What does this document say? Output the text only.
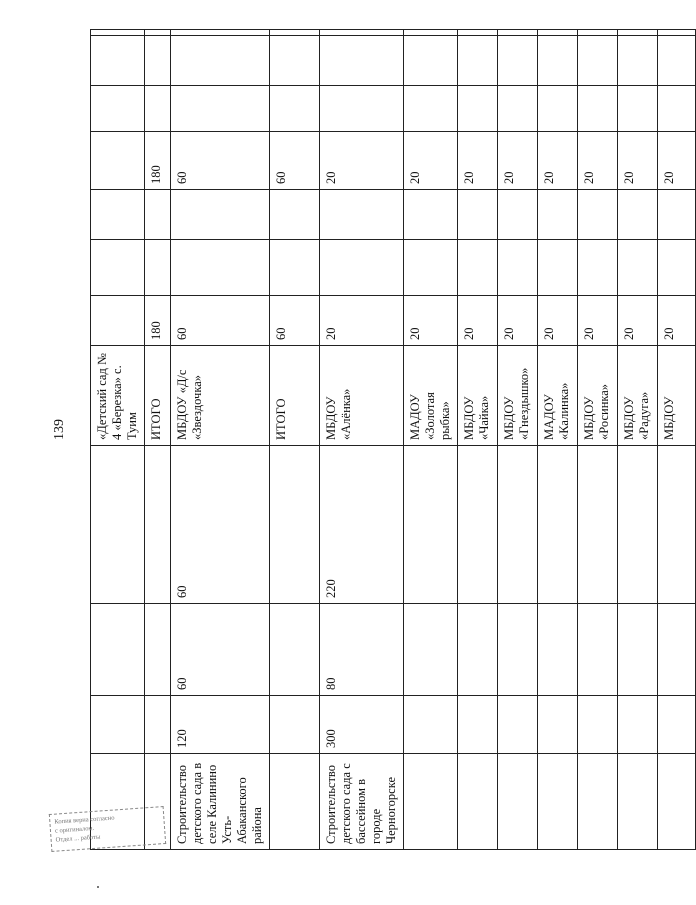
139
				«Детский сад № 4 «Березка» с. Туим							
				ИТОГО	180			180			
Строительство детского сада в селе Калинино Усть-Абаканского района	120	60	60	МБДОУ «Д/с «Звездочка»	60			60			
				ИТОГО	60			60			
Строительство детского сада с бассейном в городе Черногорске	300	80	220	МБДОУ «Алёнка»	20			20			
				МАДОУ «Золотая рыбка»	20			20			
				МБДОУ «Чайка»	20			20			
				МБДОУ «Гнездышко»	20			20			
				МАДОУ «Калинка»	20			20			
				МБДОУ «Росинка»	20			20			
				МБДОУ «Радуга»	20			20			
				МБДОУ	20			20			
Копия верна согласно
с оригиналом.
Отдел ... работы
